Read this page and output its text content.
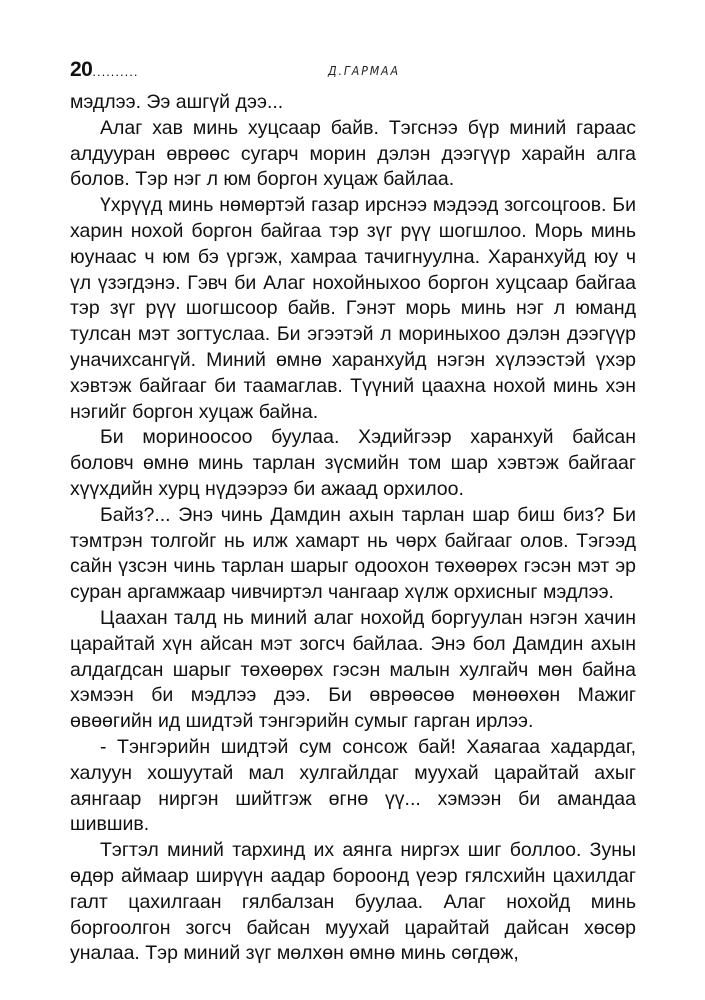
20..........	Д.ГАРМАА

мэдлээ. Ээ ашгүй дээ...

Алаг хав минь хуцсаар байв. Тэгснээ бүр миний гараас алдууран өврөөс сугарч морин дэлэн дээгүүр харайн алга болов. Тэр нэг л юм боргон хуцаж байлаа.

Үхрүүд минь нөмөртэй газар ирснээ мэдээд зогсоцгоов. Би харин нохой боргон байгаа тэр зүг рүү шогшлоо. Морь минь юунаас ч юм бэ үргэж, хамраа тачигнуулна. Харанхуйд юу ч үл үзэгдэнэ. Гэвч би Алаг нохойныхоо боргон хуцсаар байгаа тэр зүг рүү шогшсоор байв. Гэнэт морь минь нэг л юманд тулсан мэт зогтуслаа. Би эгээтэй л мориныхоо дэлэн дээгүүр уначихсангүй. Миний өмнө харанхуйд нэгэн хүлээстэй үхэр хэвтэж байгааг би таамаглав. Түүний цаахна нохой минь хэн нэгийг боргон хуцаж байна.

Би мориноосоо буулаа. Хэдийгээр харанхуй байсан боловч өмнө минь тарлан зүсмийн том шар хэвтэж байгааг хүүхдийн хурц нүдээрээ би ажаад орхилоо.

Байз?... Энэ чинь Дамдин ахын тарлан шар биш биз? Би тэмтрэн толгойг нь илж хамарт нь чөрх байгааг олов. Тэгээд сайн үзсэн чинь тарлан шарыг одоохон төхөөрөх гэсэн мэт эр суран аргамжаар чивчиртэл чангаар хүлж орхисныг мэдлээ.

Цаахан талд нь миний алаг нохойд боргуулан нэгэн хачин царайтай хүн айсан мэт зогсч байлаа. Энэ бол Дамдин ахын алдагдсан шарыг төхөөрөх гэсэн малын хулгайч мөн байна хэмээн би мэдлээ дээ. Би өврөөсөө мөнөөхөн Мажиг өвөөгийн ид шидтэй тэнгэрийн сумыг гарган ирлээ.

- Тэнгэрийн шидтэй сум сонсож бай! Хаяагаа хадардаг, халуун хошуутай мал хулгайлдаг муухай царайтай ахыг аянгаар ниргэн шийтгэж өгнө үү... хэмээн би амандаа шившив.

Тэгтэл миний тархинд их аянга ниргэх шиг боллоо. Зуны өдөр аймаар ширүүн аадар бороонд үеэр гялсхийн цахилдаг галт цахилгаан гялбалзан буулаа. Алаг нохойд минь боргоолгон зогсч байсан муухай царайтай дайсан хөсөр уналаа. Тэр миний зүг мөлхөн өмнө минь сөгдөж,
